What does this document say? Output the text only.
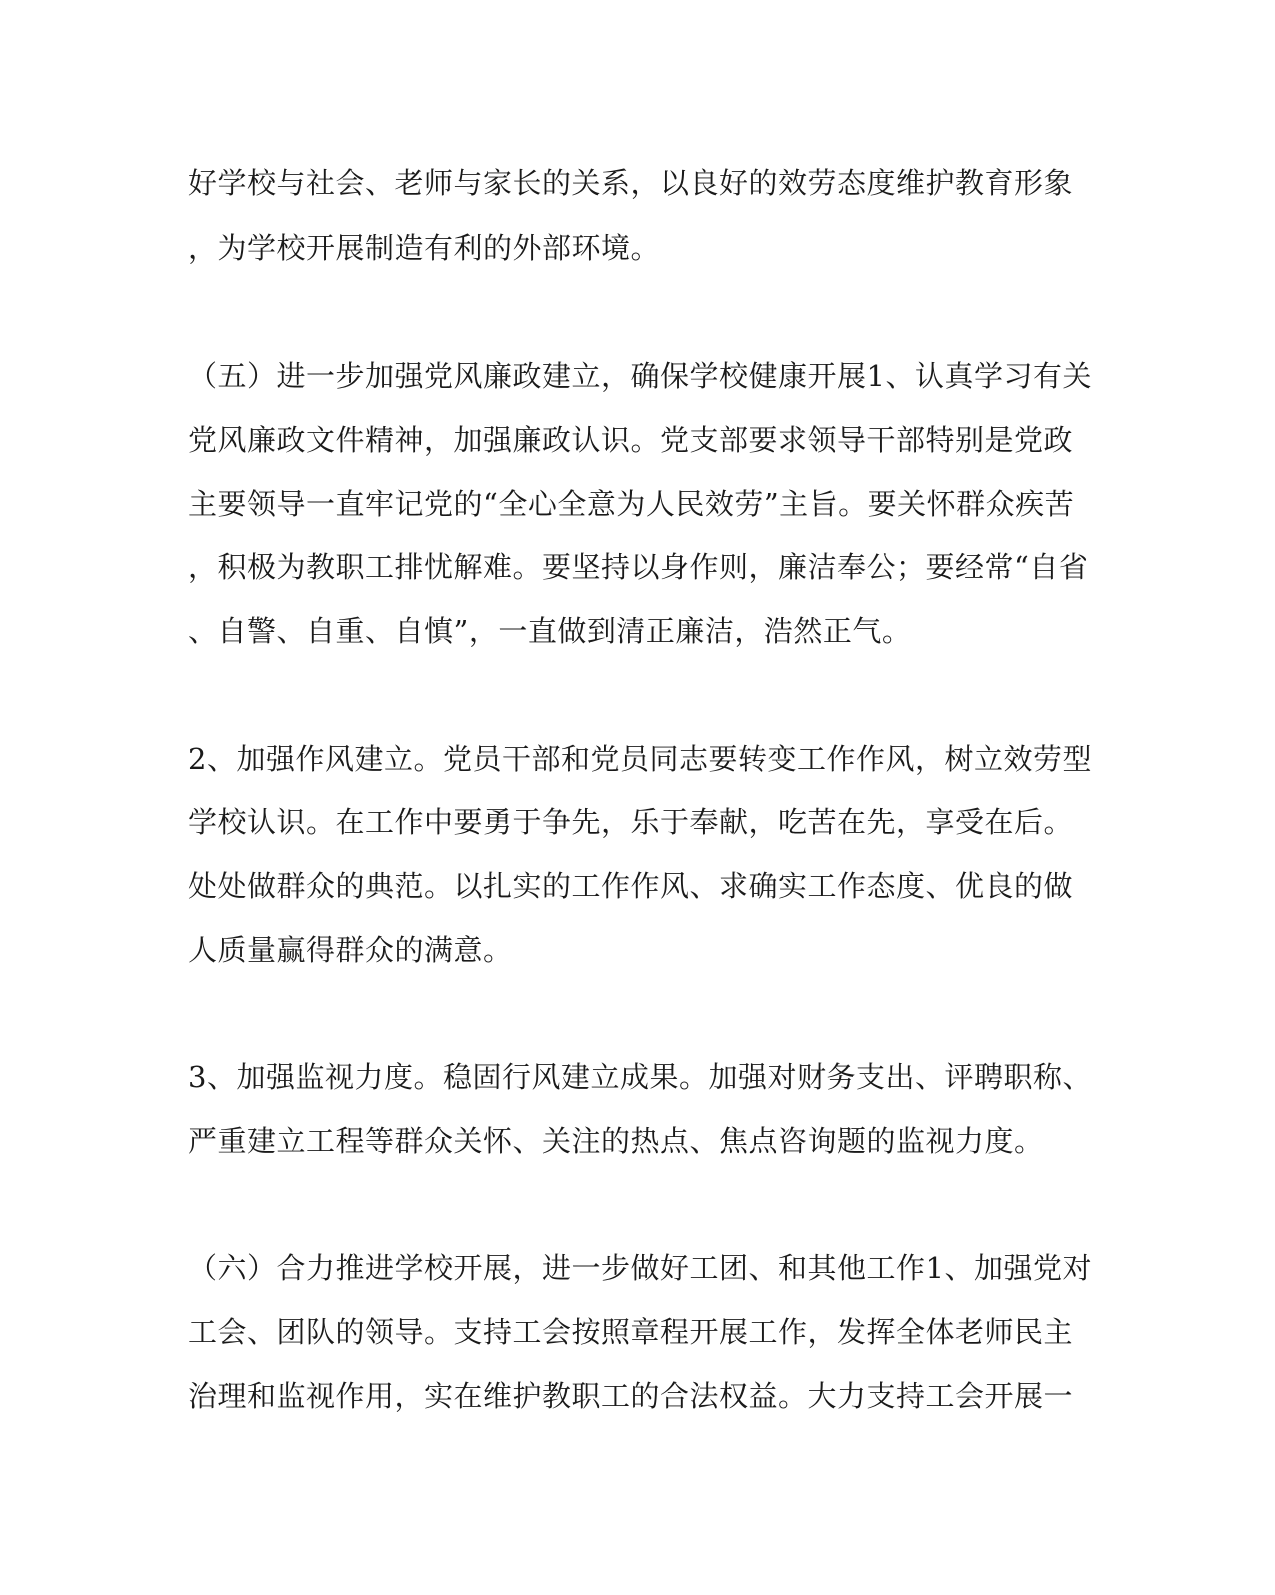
好学校与社会、老师与家长的关系，以良好的效劳态度维护教育形象
，为学校开展制造有利的外部环境。
（五）进一步加强党风廉政建立，确保学校健康开展1、认真学习有关
党风廉政文件精神，加强廉政认识。党支部要求领导干部特别是党政
主要领导一直牢记党的“全心全意为人民效劳”主旨。要关怀群众疾苦
，积极为教职工排忧解难。要坚持以身作则，廉洁奉公；要经常“自省
、自警、自重、自慎”，一直做到清正廉洁，浩然正气。
2、加强作风建立。党员干部和党员同志要转变工作作风，树立效劳型
学校认识。在工作中要勇于争先，乐于奉献，吃苦在先，享受在后。
处处做群众的典范。以扎实的工作作风、求确实工作态度、优良的做
人质量赢得群众的满意。
3、加强监视力度。稳固行风建立成果。加强对财务支出、评聘职称、
严重建立工程等群众关怀、关注的热点、焦点咨询题的监视力度。
（六）合力推进学校开展，进一步做好工团、和其他工作1、加强党对
工会、团队的领导。支持工会按照章程开展工作，发挥全体老师民主
治理和监视作用，实在维护教职工的合法权益。大力支持工会开展一
